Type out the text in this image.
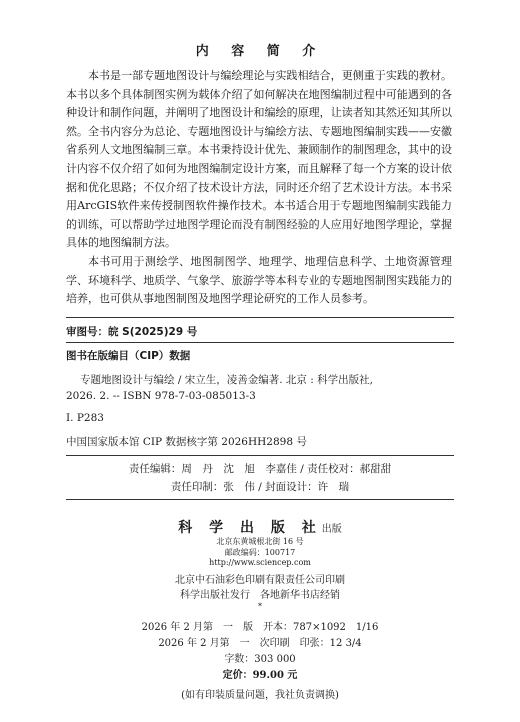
内 容 简 介

本书是一部专题地图设计与编绘理论与实践相结合，更侧重于实践的教材。本书以多个具体制图实例为载体介绍了如何解决在地图编制过程中可能遇到的各种设计和制作问题，并阐明了地图设计和编绘的原理，让读者知其然还知其所以然。全书内容分为总论、专题地图设计与编绘方法、专题地图编制实践——安徽省系列人文地图编制三章。本书秉持设计优先、兼顾制作的制图理念，其中的设计内容不仅介绍了如何为地图编制定设计方案，而且解释了每一个方案的设计依据和优化思路；不仅介绍了技术设计方法，同时还介绍了艺术设计方法。本书采用ArcGIS软件来传授制图软件操作技术。本书适合用于专题地图编制实践能力的训练，可以帮助学过地图学理论而没有制图经验的人应用好地图学理论，掌握具体的地图编制方法。

本书可用于测绘学、地图制图学、地理学、地理信息科学、土地资源管理学、环境科学、地质学、气象学、旅游学等本科专业的专题地图制图实践能力的培养，也可供从事地图制图及地图学理论研究的工作人员参考。

审图号：皖 S(2025)29 号
图书在版编目（CIP）数据
专题地图设计与编绘 / 宋立生，凌善金编著. 北京 : 科学出版社,
2026. 2. -- ISBN 978-7-03-085013-3
Ⅰ. P283
中国国家版本馆 CIP 数据核字第 2026HH2898 号
责任编辑：周　丹　沈　旭　李嘉佳 / 责任校对：郝甜甜
责任印制：张　伟 / 封面设计：许　瑞
科 学 出 版 社出版
北京东黄城根北街 16 号
邮政编码：100717
http://www.sciencep.com
北京中石油彩色印刷有限责任公司印刷
科学出版社发行　各地新华书店经销
*
2026 年 2 月第　一　版　开本：787×1092　1/16
2026 年 2 月第　一　次印刷　印张：12 3/4
字数：303 000
定价：99.00 元
(如有印装质量问题，我社负责调换)
